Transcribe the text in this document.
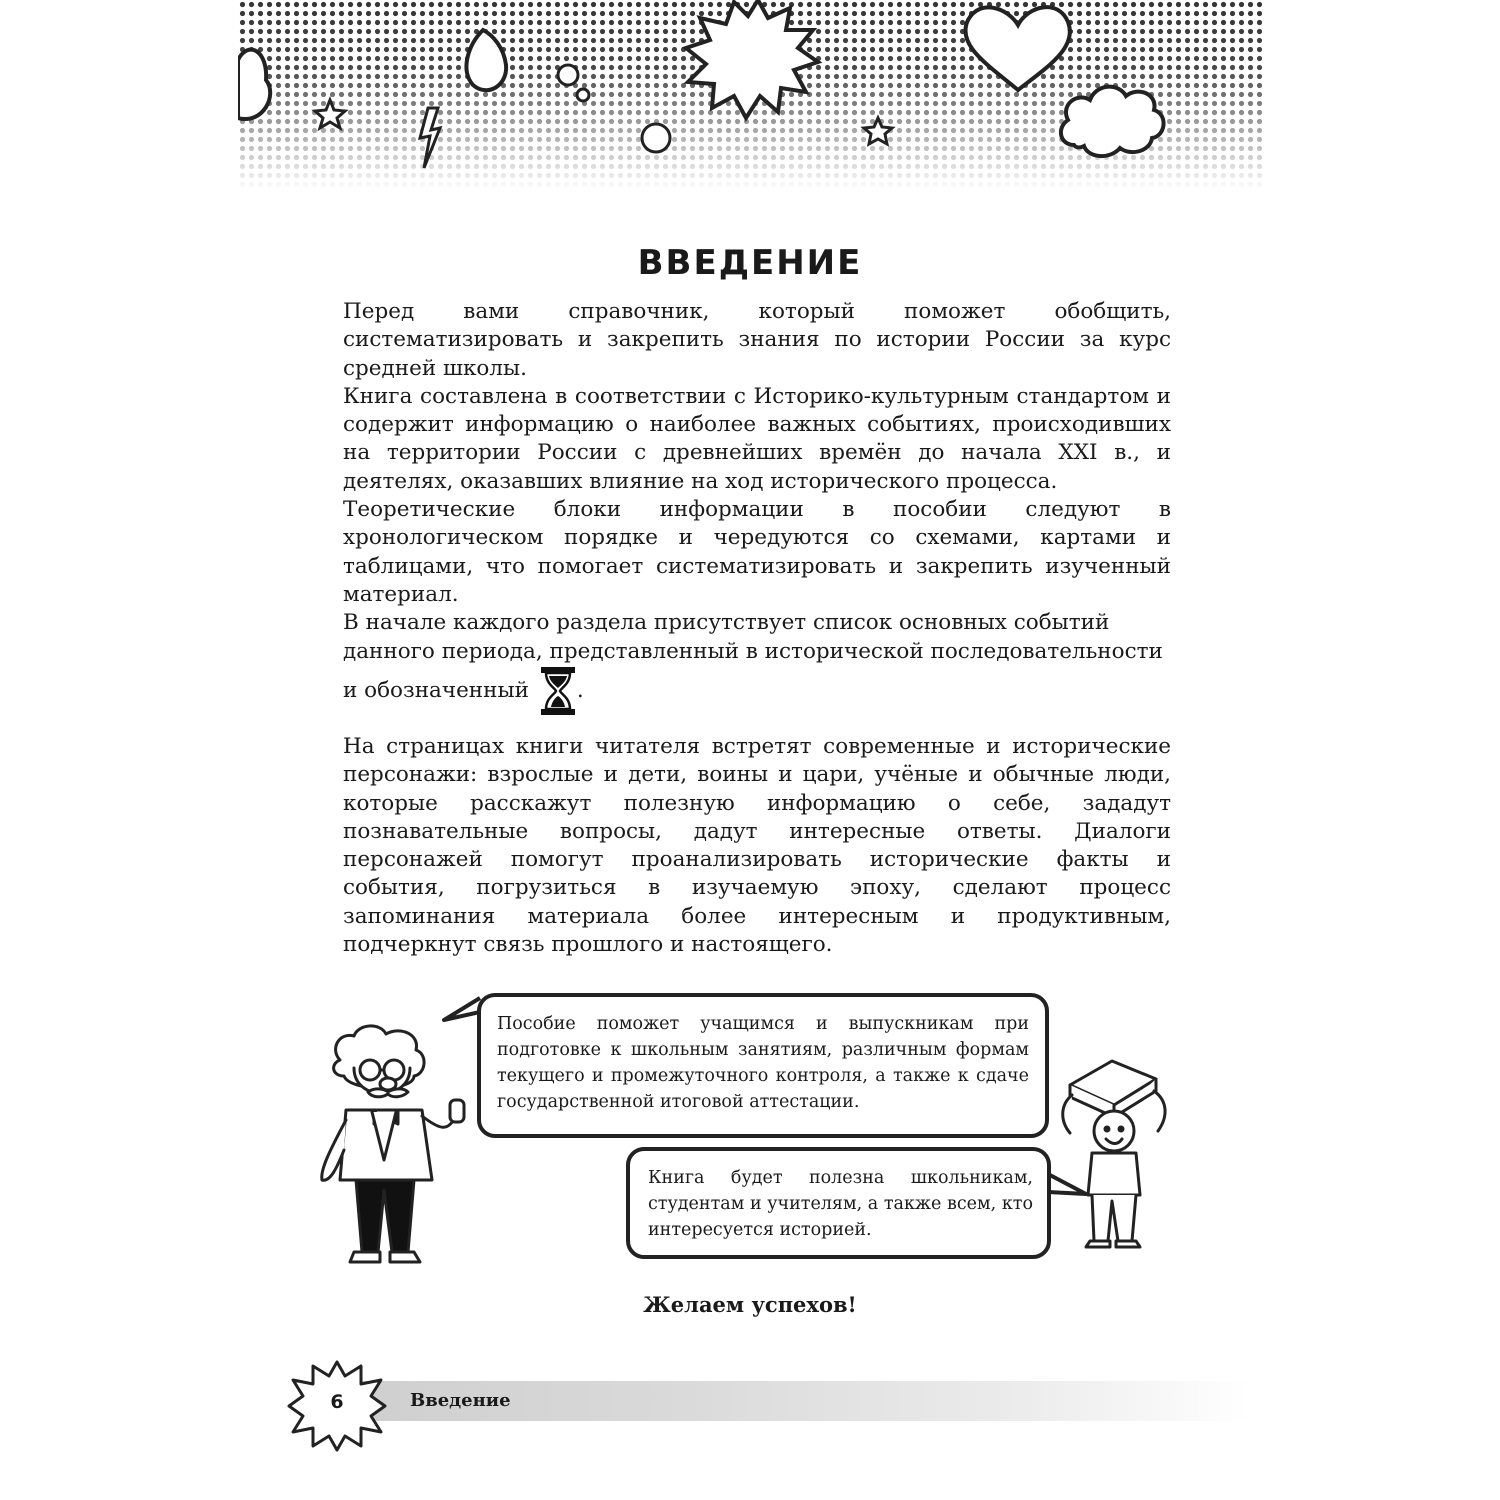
ВВЕДЕНИЕ

Перед вами справочник, который поможет обобщить, систематизировать и закрепить знания по истории России за курс средней школы.

Книга составлена в соответствии с Историко-культурным стандартом и содержит информацию о наиболее важных событиях, происходивших на территории России с древнейших времён до начала XXI в., и деятелях, оказавших влияние на ход исторического процесса.

Теоретические блоки информации в пособии следуют в хронологическом порядке и чередуются со схемами, картами и таблицами, что помогает систематизировать и закрепить изученный материал.

В начале каждого раздела присутствует список основных событий данного периода, представленный в исторической последовательности и обозначенный .

На страницах книги читателя встретят современные и исторические персонажи: взрослые и дети, воины и цари, учёные и обычные люди, которые расскажут полезную информацию о себе, зададут познавательные вопросы, дадут интересные ответы. Диалоги персонажей помогут проанализировать исторические факты и события, погрузиться в изучаемую эпоху, сделают процесс запоминания материала более интересным и продуктивным, подчеркнут связь прошлого и настоящего.

Пособие поможет учащимся и выпускникам при подготовке к школьным занятиям, различным формам текущего и промежуточного контроля, а также к сдаче государственной итоговой аттестации.
Книга будет полезна школьникам, студентам и учителям, а также всем, кто интересуется историей.
Желаем успехов!
6	Введение
